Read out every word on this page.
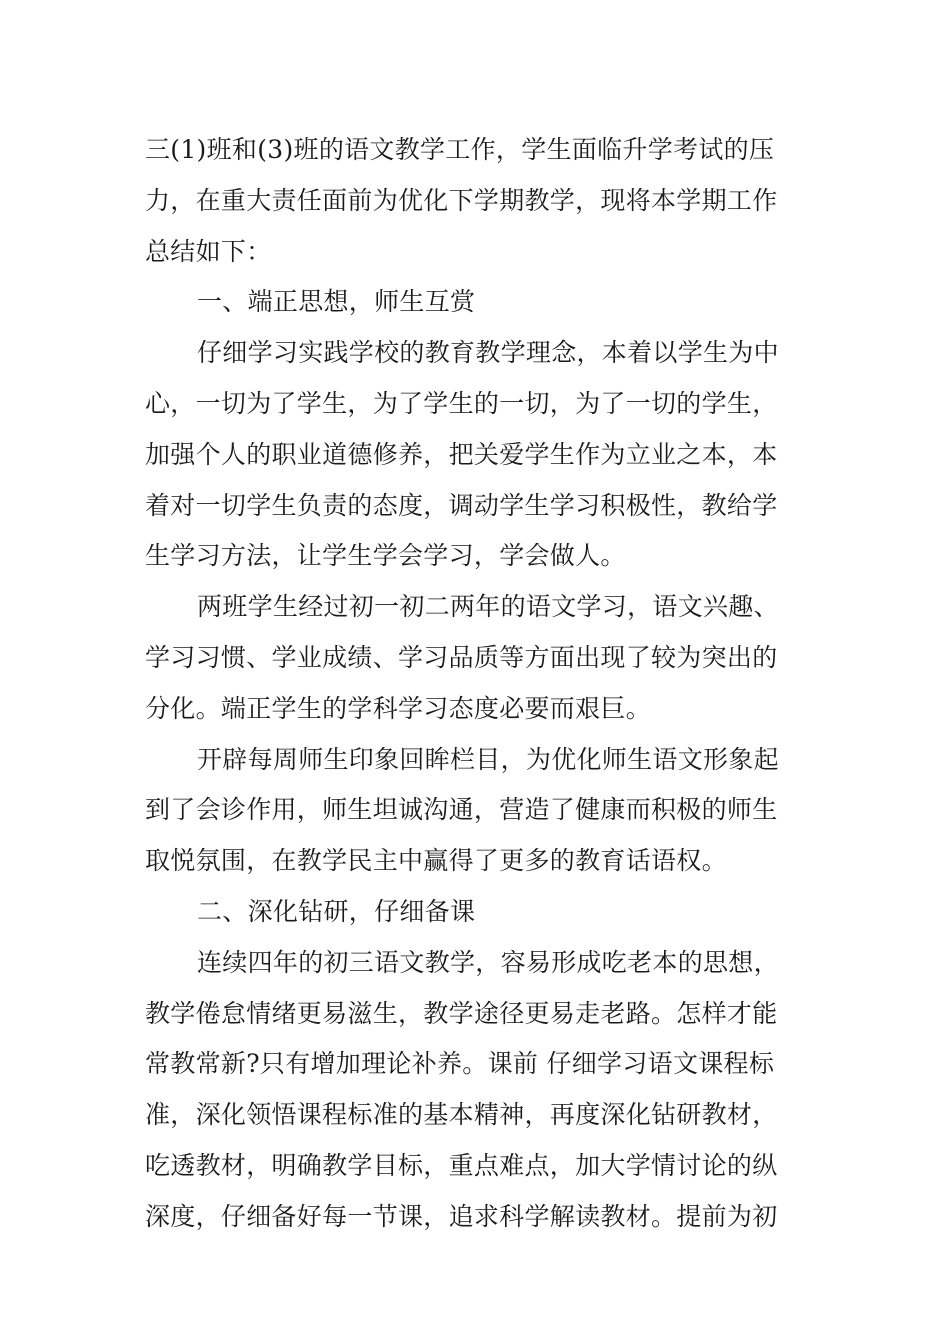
三(1)班和(3)班的语文教学工作，学生面临升学考试的压
力，在重大责任面前为优化下学期教学，现将本学期工作
总结如下：
一、端正思想，师生互赏
仔细学习实践学校的教育教学理念，本着以学生为中
心，一切为了学生，为了学生的一切，为了一切的学生，
加强个人的职业道德修养，把关爱学生作为立业之本，本
着对一切学生负责的态度，调动学生学习积极性，教给学
生学习方法，让学生学会学习，学会做人。
两班学生经过初一初二两年的语文学习，语文兴趣、
学习习惯、学业成绩、学习品质等方面出现了较为突出的
分化。端正学生的学科学习态度必要而艰巨。
开辟每周师生印象回眸栏目，为优化师生语文形象起
到了会诊作用，师生坦诚沟通，营造了健康而积极的师生
取悦氛围，在教学民主中赢得了更多的教育话语权。
二、深化钻研，仔细备课
连续四年的初三语文教学，容易形成吃老本的思想，
教学倦怠情绪更易滋生，教学途径更易走老路。怎样才能
常教常新?只有增加理论补养。课前 仔细学习语文课程标
准，深化领悟课程标准的基本精神，再度深化钻研教材，
吃透教材，明确教学目标，重点难点，加大学情讨论的纵
深度，仔细备好每一节课，追求科学解读教材。提前为初
